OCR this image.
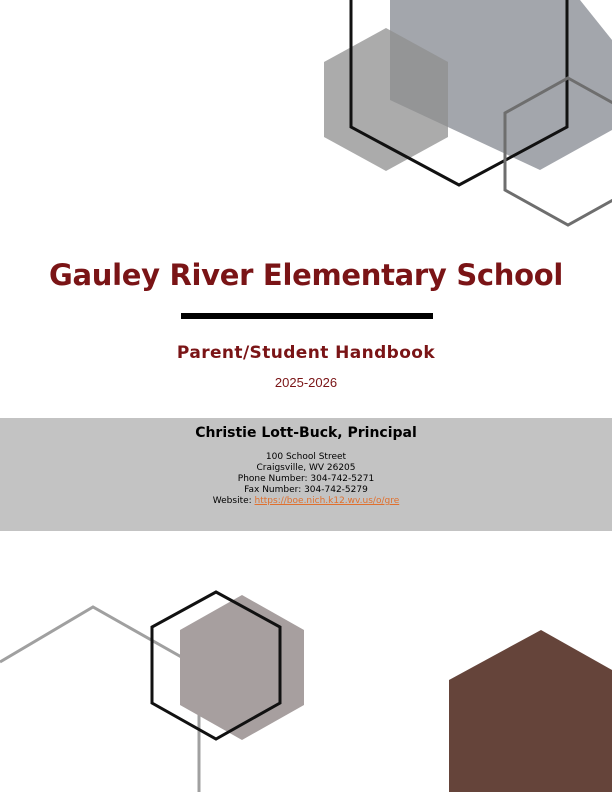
Gauley River Elementary School
Parent/Student Handbook
2025-2026
Christie Lott-Buck, Principal
100 School Street
Craigsville, WV 26205
Phone Number: 304-742-5271
Fax Number: 304-742-5279
Website: https://boe.nich.k12.wv.us/o/gre
